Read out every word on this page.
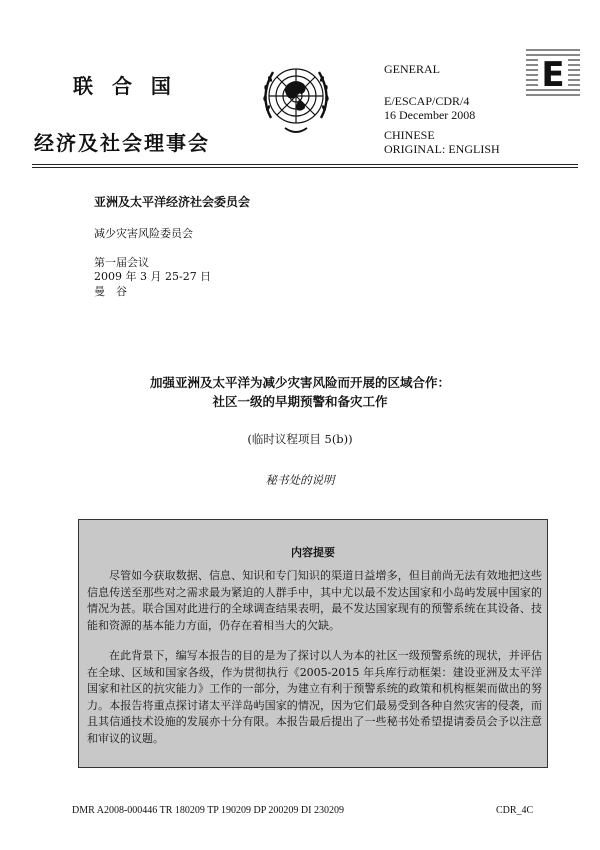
联 合 国
经济及社会理事会
GENERAL
E/ESCAP/CDR/4
16 December 2008
CHINESE
ORIGINAL: ENGLISH
E
亚洲及太平洋经济社会委员会
减少灾害风险委员会
第一届会议
2009 年 3 月 25-27 日
曼　谷
加强亚洲及太平洋为减少灾害风险而开展的区域合作：
社区一级的早期预警和备灾工作
(临时议程项目 5(b))
秘书处的说明
内容提要

尽管如今获取数据、信息、知识和专门知识的渠道日益增多，但目前尚无法有效地把这些信息传送至那些对之需求最为紧迫的人群手中，其中尤以最不发达国家和小岛屿发展中国家的情况为甚。联合国对此进行的全球调查结果表明，最不发达国家现有的预警系统在其设备、技能和资源的基本能力方面，仍存在着相当大的欠缺。

在此背景下，编写本报告的目的是为了探讨以人为本的社区一级预警系统的现状，并评估在全球、区域和国家各级，作为贯彻执行《2005-2015 年兵库行动框架：建设亚洲及太平洋国家和社区的抗灾能力》工作的一部分，为建立有利于预警系统的政策和机构框架而做出的努力。本报告将重点探讨诸太平洋岛屿国家的情况，因为它们最易受到各种自然灾害的侵袭，而且其信通技术设施的发展亦十分有限。本报告最后提出了一些秘书处希望提请委员会予以注意和审议的议题。

DMR A2008-000446 TR 180209 TP 190209 DP 200209 DI 230209	CDR_4C
